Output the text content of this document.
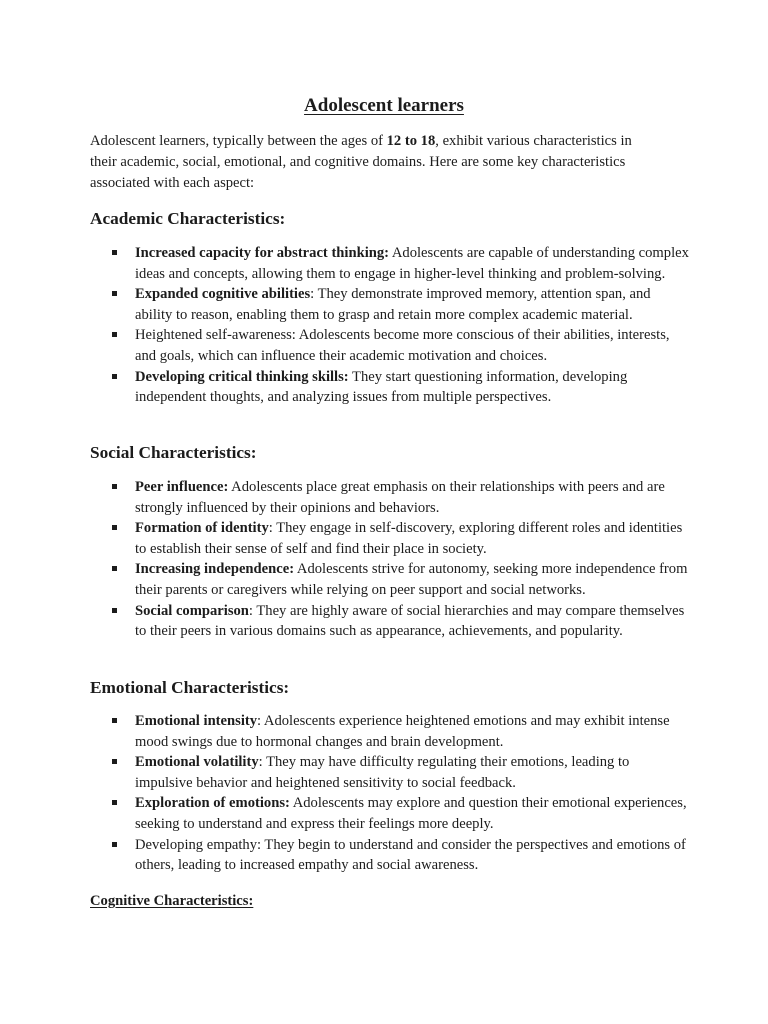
Adolescent learners

Adolescent learners, typically between the ages of 12 to 18, exhibit various characteristics in their academic, social, emotional, and cognitive domains. Here are some key characteristics associated with each aspect:

Academic Characteristics:
Increased capacity for abstract thinking: Adolescents are capable of understanding complex ideas and concepts, allowing them to engage in higher-level thinking and problem-solving.
Expanded cognitive abilities: They demonstrate improved memory, attention span, and ability to reason, enabling them to grasp and retain more complex academic material.
Heightened self-awareness: Adolescents become more conscious of their abilities, interests, and goals, which can influence their academic motivation and choices.
Developing critical thinking skills: They start questioning information, developing independent thoughts, and analyzing issues from multiple perspectives.
Social Characteristics:
Peer influence: Adolescents place great emphasis on their relationships with peers and are strongly influenced by their opinions and behaviors.
Formation of identity: They engage in self-discovery, exploring different roles and identities to establish their sense of self and find their place in society.
Increasing independence: Adolescents strive for autonomy, seeking more independence from their parents or caregivers while relying on peer support and social networks.
Social comparison: They are highly aware of social hierarchies and may compare themselves to their peers in various domains such as appearance, achievements, and popularity.
Emotional Characteristics:
Emotional intensity: Adolescents experience heightened emotions and may exhibit intense mood swings due to hormonal changes and brain development.
Emotional volatility: They may have difficulty regulating their emotions, leading to impulsive behavior and heightened sensitivity to social feedback.
Exploration of emotions: Adolescents may explore and question their emotional experiences, seeking to understand and express their feelings more deeply.
Developing empathy: They begin to understand and consider the perspectives and emotions of others, leading to increased empathy and social awareness.
Cognitive Characteristics:
